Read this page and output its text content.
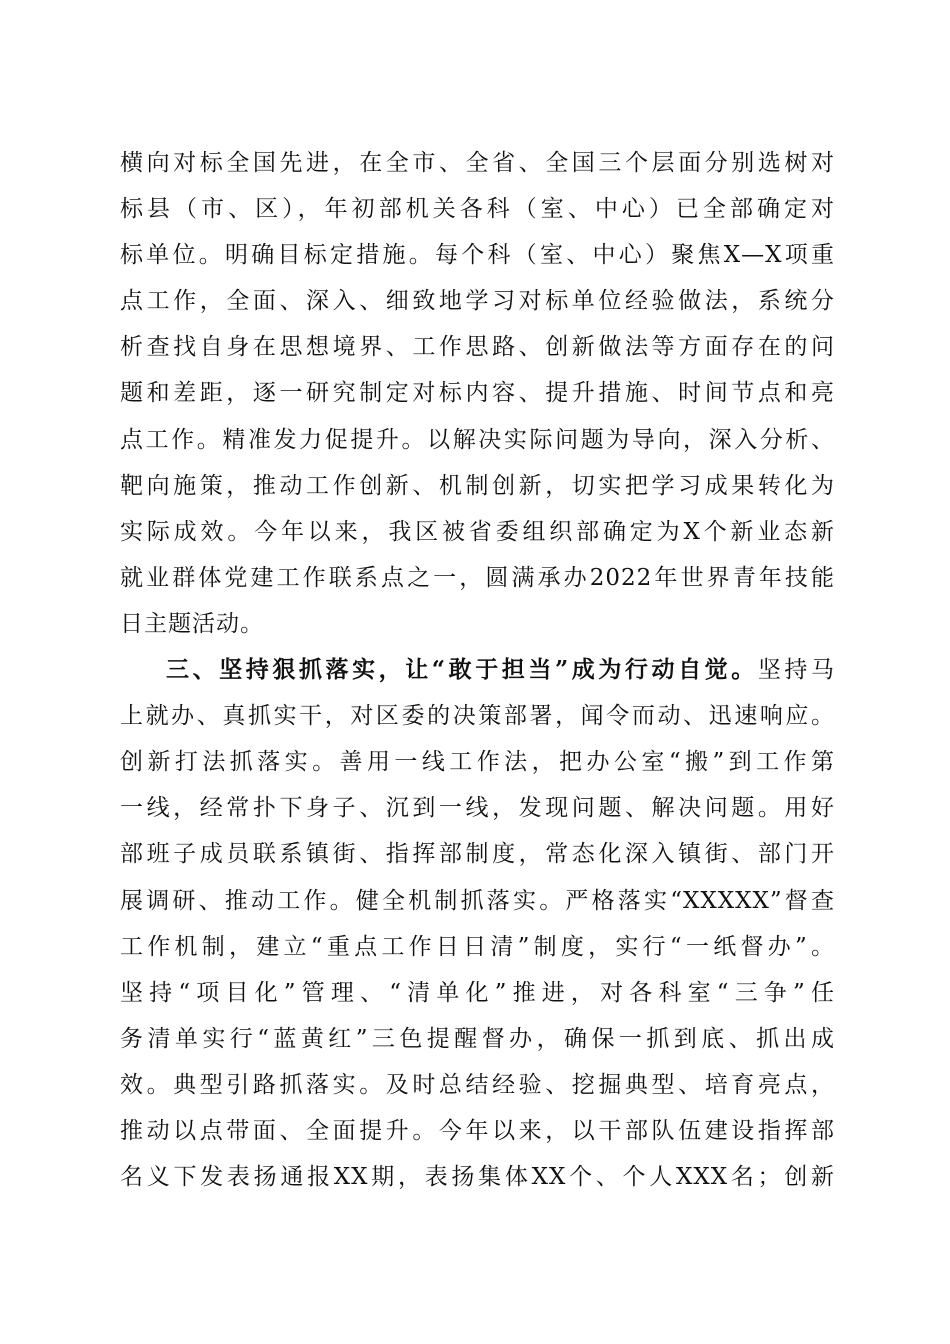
横向对标全国先进，在全市、全省、全国三个层面分别选树对
标县（市、区），年初部机关各科（室、中心）已全部确定对
标单位。明确目标定措施。每个科（室、中心）聚焦X—X项重
点工作，全面、深入、细致地学习对标单位经验做法，系统分
析查找自身在思想境界、工作思路、创新做法等方面存在的问
题和差距，逐一研究制定对标内容、提升措施、时间节点和亮
点工作。精准发力促提升。以解决实际问题为导向，深入分析、
靶向施策，推动工作创新、机制创新，切实把学习成果转化为
实际成效。今年以来，我区被省委组织部确定为X个新业态新
就业群体党建工作联系点之一，圆满承办2022年世界青年技能
日主题活动。
三、坚持狠抓落实，让“敢于担当”成为行动自觉。坚持马
上就办、真抓实干，对区委的决策部署，闻令而动、迅速响应。
创新打法抓落实。善用一线工作法，把办公室“搬”到工作第
一线，经常扑下身子、沉到一线，发现问题、解决问题。用好
部班子成员联系镇街、指挥部制度，常态化深入镇街、部门开
展调研、推动工作。健全机制抓落实。严格落实“XXXXX”督查
工作机制，建立“重点工作日日清”制度，实行“一纸督办”。
坚持“项目化”管理、“清单化”推进，对各科室“三争”任
务清单实行“蓝黄红”三色提醒督办，确保一抓到底、抓出成
效。典型引路抓落实。及时总结经验、挖掘典型、培育亮点，
推动以点带面、全面提升。今年以来，以干部队伍建设指挥部
名义下发表扬通报XX期，表扬集体XX个、个人XXX名；创新
